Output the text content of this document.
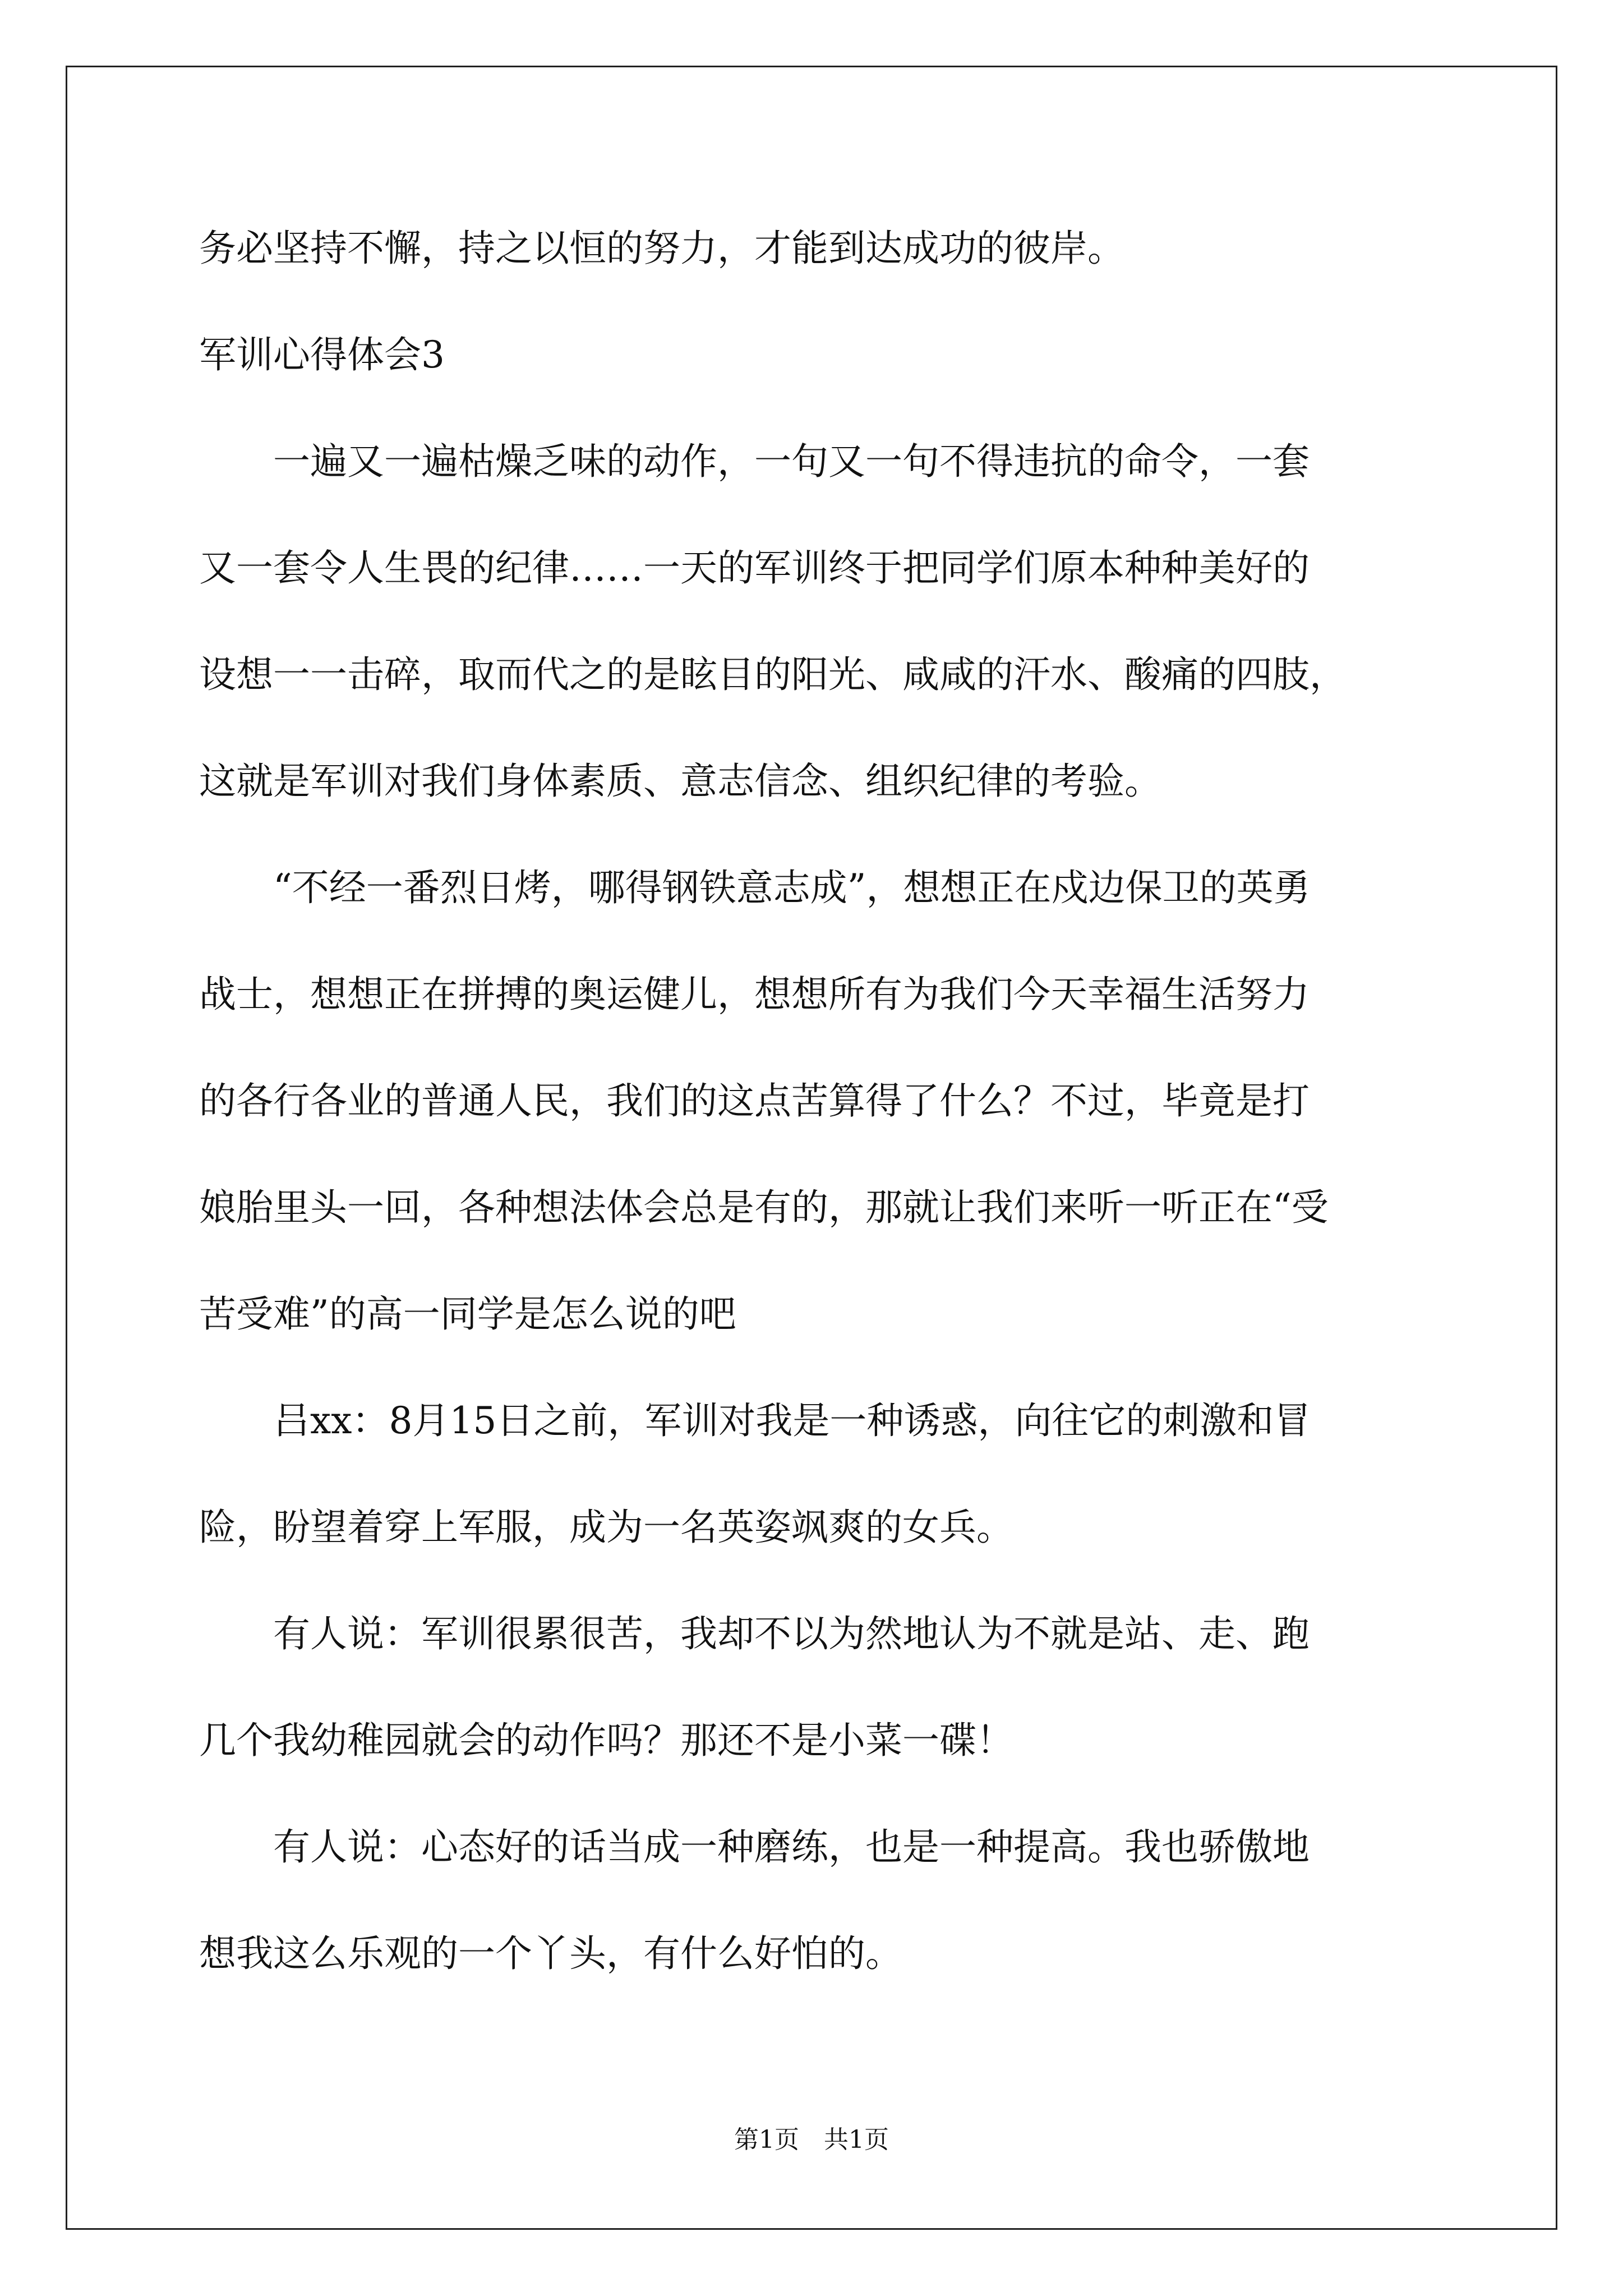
务必坚持不懈，持之以恒的努力，才能到达成功的彼岸。
军训心得体会3
一遍又一遍枯燥乏味的动作，一句又一句不得违抗的命令，一套
又一套令人生畏的纪律……一天的军训终于把同学们原本种种美好的
设想一一击碎，取而代之的是眩目的阳光、咸咸的汗水、酸痛的四肢，
这就是军训对我们身体素质、意志信念、组织纪律的考验。
“不经一番烈日烤，哪得钢铁意志成”，想想正在戍边保卫的英勇
战士，想想正在拼搏的奥运健儿，想想所有为我们今天幸福生活努力
的各行各业的普通人民，我们的这点苦算得了什么？不过，毕竟是打
娘胎里头一回，各种想法体会总是有的，那就让我们来听一听正在“受
苦受难”的高一同学是怎么说的吧
吕xx：8月15日之前，军训对我是一种诱惑，向往它的刺激和冒
险，盼望着穿上军服，成为一名英姿飒爽的女兵。
有人说：军训很累很苦，我却不以为然地认为不就是站、走、跑
几个我幼稚园就会的动作吗？那还不是小菜一碟！
有人说：心态好的话当成一种磨练，也是一种提高。我也骄傲地
想我这么乐观的一个丫头，有什么好怕的。
第1页　共1页
